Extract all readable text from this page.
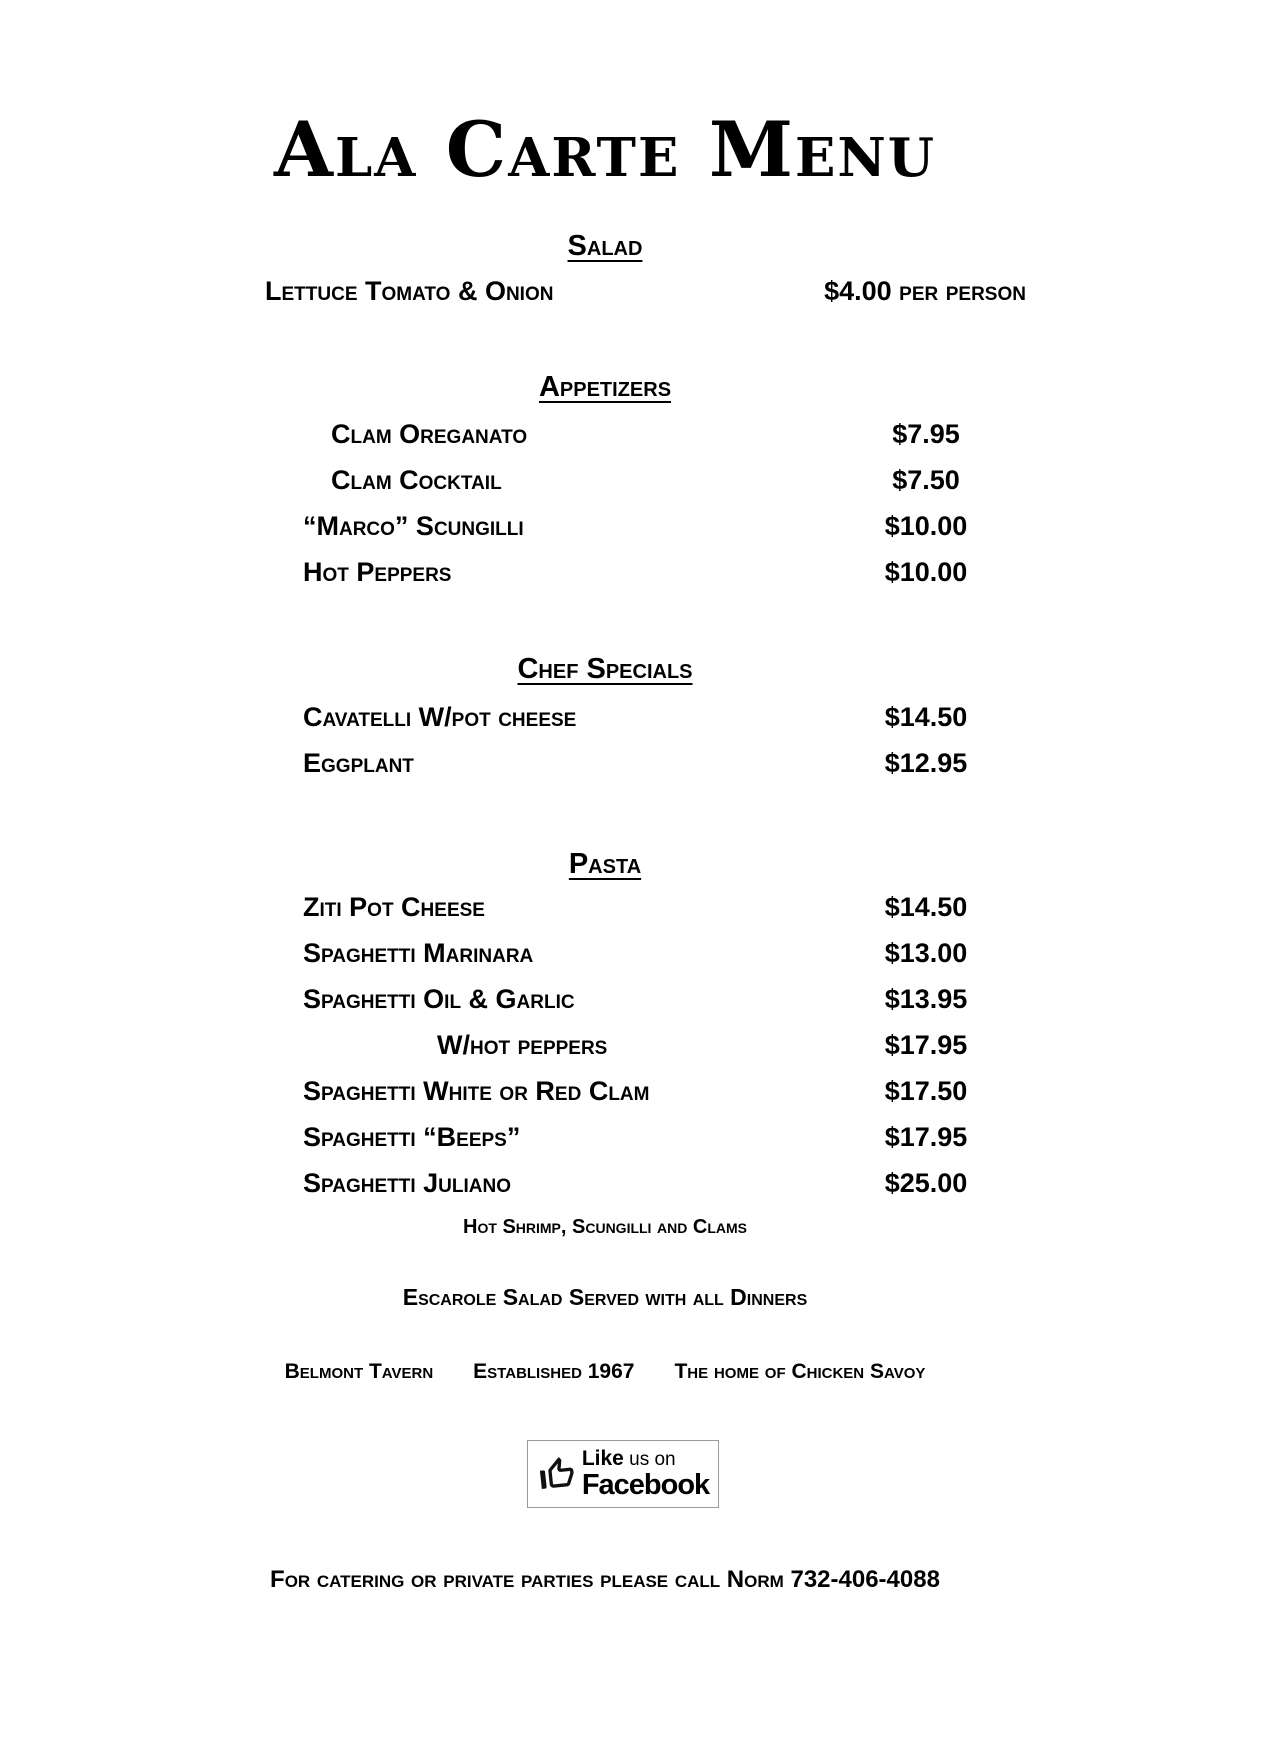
Ala Carte Menu
Salad
Lettuce Tomato & Onion	$4.00 per person
Appetizers
Clam Oreganato	$7.95
Clam Cocktail	$7.50
“Marco” Scungilli	$10.00
Hot Peppers	$10.00
Chef Specials
Cavatelli W/pot cheese	$14.50
Eggplant	$12.95
Pasta
Ziti Pot Cheese	$14.50
Spaghetti Marinara	$13.00
Spaghetti Oil & Garlic	$13.95
W/hot peppers	$17.95
Spaghetti White or Red Clam	$17.50
Spaghetti “Beeps”	$17.95
Spaghetti Juliano	$25.00
Hot Shrimp, Scungilli and Clams
Escarole Salad Served with all Dinners
Belmont Tavern Established 1967 The home of Chicken Savoy
Like us on
Facebook
For catering or private parties please call Norm 732-406-4088
